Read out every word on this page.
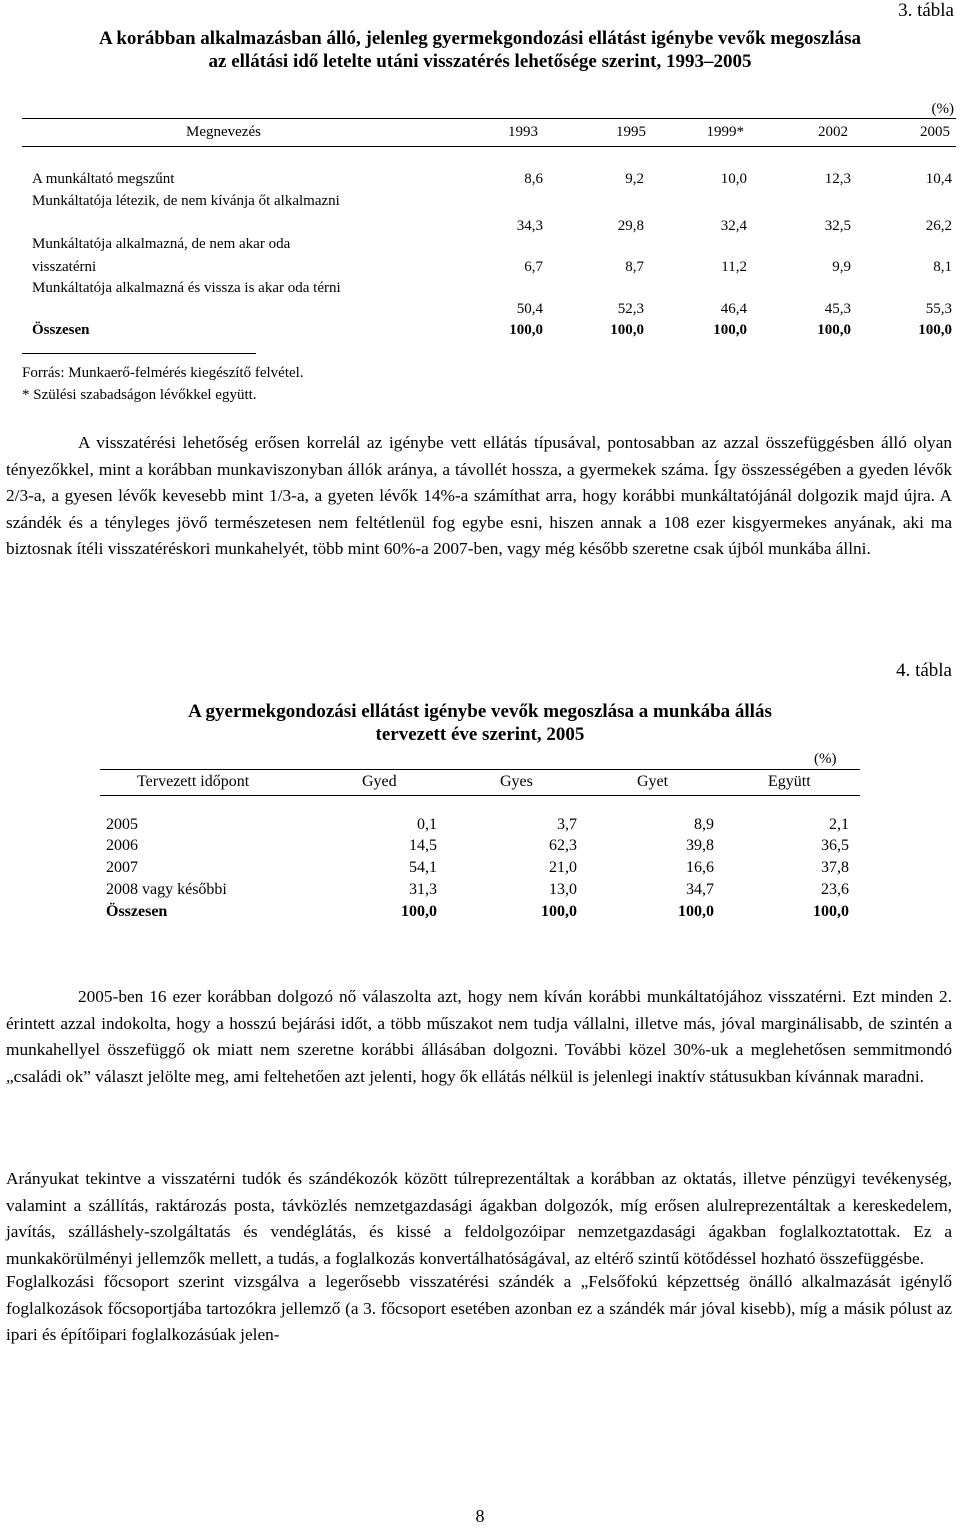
3. tábla
A korábban alkalmazásban álló, jelenleg gyermekgondozási ellátást igénybe vevők megoszlása
az ellátási idő letelte utáni visszatérés lehetősége szerint, 1993–2005
(%)
Megnevezés	1993	1995	1999*	2002	2005
A munkáltató megszűnt	8,6	9,2	10,0	12,3	10,4
Munkáltatója létezik, de nem kívánja őt alkalmazni
34,3	29,8	32,4	32,5	26,2
Munkáltatója alkalmazná, de nem akar oda
visszatérni	6,7	8,7	11,2	9,9	8,1
Munkáltatója alkalmazná és vissza is akar oda térni
50,4	52,3	46,4	45,3	55,3
Összesen	100,0	100,0	100,0	100,0	100,0
Forrás: Munkaerő-felmérés kiegészítő felvétel.
* Szülési szabadságon lévőkkel együtt.
A visszatérési lehetőség erősen korrelál az igénybe vett ellátás típusával, pontosabban az azzal összefüggésben álló olyan tényezőkkel, mint a korábban munkaviszonyban állók aránya, a távollét hossza, a gyermekek száma. Így összességében a gyeden lévők 2/3-a, a gyesen lévők kevesebb mint 1/3-a, a gyeten lévők 14%-a számíthat arra, hogy korábbi munkáltatójánál dolgozik majd újra. A szándék és a tényleges jövő természetesen nem feltétlenül fog egybe esni, hiszen annak a 108 ezer kisgyermekes anyának, aki ma biztosnak ítéli visszatéréskori munkahelyét, több mint 60%-a 2007-ben, vagy még később szeretne csak újból munkába állni.
4. tábla
A gyermekgondozási ellátást igénybe vevők megoszlása a munkába állás
tervezett éve szerint, 2005
(%)
Tervezett időpont	Gyed	Gyes	Gyet	Együtt
2005	0,1	3,7	8,9	2,1
2006	14,5	62,3	39,8	36,5
2007	54,1	21,0	16,6	37,8
2008 vagy későbbi	31,3	13,0	34,7	23,6
Összesen	100,0	100,0	100,0	100,0
2005-ben 16 ezer korábban dolgozó nő válaszolta azt, hogy nem kíván korábbi munkáltatójához visszatérni. Ezt minden 2. érintett azzal indokolta, hogy a hosszú bejárási időt, a több műszakot nem tudja vállalni, illetve más, jóval marginálisabb, de szintén a munkahellyel összefüggő ok miatt nem szeretne korábbi állásában dolgozni. További közel 30%-uk a meglehetősen semmitmondó „családi ok” választ jelölte meg, ami feltehetően azt jelenti, hogy ők ellátás nélkül is jelenlegi inaktív státusukban kívánnak maradni.
Arányukat tekintve a visszatérni tudók és szándékozók között túlreprezentáltak a korábban az oktatás, illetve pénzügyi tevékenység, valamint a szállítás, raktározás posta, távközlés nemzetgazdasági ágakban dolgozók, míg erősen alulreprezentáltak a kereskedelem, javítás, szálláshely-szolgáltatás és vendéglátás, és kissé a feldolgozóipar nemzetgazdasági ágakban foglalkoztatottak. Ez a munkakörülményi jellemzők mellett, a tudás, a foglalkozás konvertálhatóságával, az eltérő szintű kötődéssel hozható összefüggésbe.
Foglalkozási főcsoport szerint vizsgálva a legerősebb visszatérési szándék a „Felsőfokú képzettség önálló alkalmazását igénylő foglalkozások főcsoportjába tartozókra jellemző (a 3. főcsoport esetében azonban ez a szándék már jóval kisebb), míg a másik pólust az ipari és építőipari foglalkozásúak jelen-
8
